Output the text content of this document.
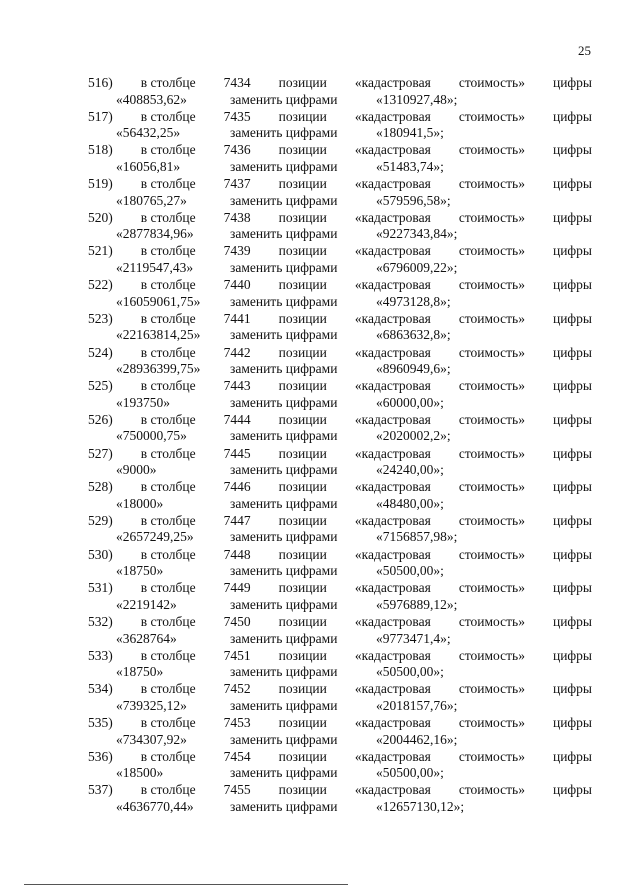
25
516) в столбце 7434 позиции «кадастровая стоимость» цифры
«408853,62»	заменить цифрами	«1310927,48»;
517) в столбце 7435 позиции «кадастровая стоимость» цифры
«56432,25»	заменить цифрами	«180941,5»;
518) в столбце 7436 позиции «кадастровая стоимость» цифры
«16056,81»	заменить цифрами	«51483,74»;
519) в столбце 7437 позиции «кадастровая стоимость» цифры
«180765,27»	заменить цифрами	«579596,58»;
520) в столбце 7438 позиции «кадастровая стоимость» цифры
«2877834,96»	заменить цифрами	«9227343,84»;
521) в столбце 7439 позиции «кадастровая стоимость» цифры
«2119547,43»	заменить цифрами	«6796009,22»;
522) в столбце 7440 позиции «кадастровая стоимость» цифры
«16059061,75» заменить цифрами	«4973128,8»;
523) в столбце 7441 позиции «кадастровая стоимость» цифры
«22163814,25» заменить цифрами	«6863632,8»;
524) в столбце 7442 позиции «кадастровая стоимость» цифры
«28936399,75» заменить цифрами	«8960949,6»;
525) в столбце 7443 позиции «кадастровая стоимость» цифры
«193750»	заменить цифрами	«60000,00»;
526) в столбце 7444 позиции «кадастровая стоимость» цифры
«750000,75»	заменить цифрами	«2020002,2»;
527) в столбце 7445 позиции «кадастровая стоимость» цифры
«9000»	заменить цифрами	«24240,00»;
528) в столбце 7446 позиции «кадастровая стоимость» цифры
«18000»	заменить цифрами	«48480,00»;
529) в столбце 7447 позиции «кадастровая стоимость» цифры
«2657249,25»	заменить цифрами	«7156857,98»;
530) в столбце 7448 позиции «кадастровая стоимость» цифры
«18750»	заменить цифрами	«50500,00»;
531) в столбце 7449 позиции «кадастровая стоимость» цифры
«2219142»	заменить цифрами	«5976889,12»;
532) в столбце 7450 позиции «кадастровая стоимость» цифры
«3628764»	заменить цифрами	«9773471,4»;
533) в столбце 7451 позиции «кадастровая стоимость» цифры
«18750»	заменить цифрами	«50500,00»;
534) в столбце 7452 позиции «кадастровая стоимость» цифры
«739325,12»	заменить цифрами	«2018157,76»;
535) в столбце 7453 позиции «кадастровая стоимость» цифры
«734307,92»	заменить цифрами	«2004462,16»;
536) в столбце 7454 позиции «кадастровая стоимость» цифры
«18500»	заменить цифрами	«50500,00»;
537) в столбце 7455 позиции «кадастровая стоимость» цифры
«4636770,44»	заменить цифрами	«12657130,12»;
